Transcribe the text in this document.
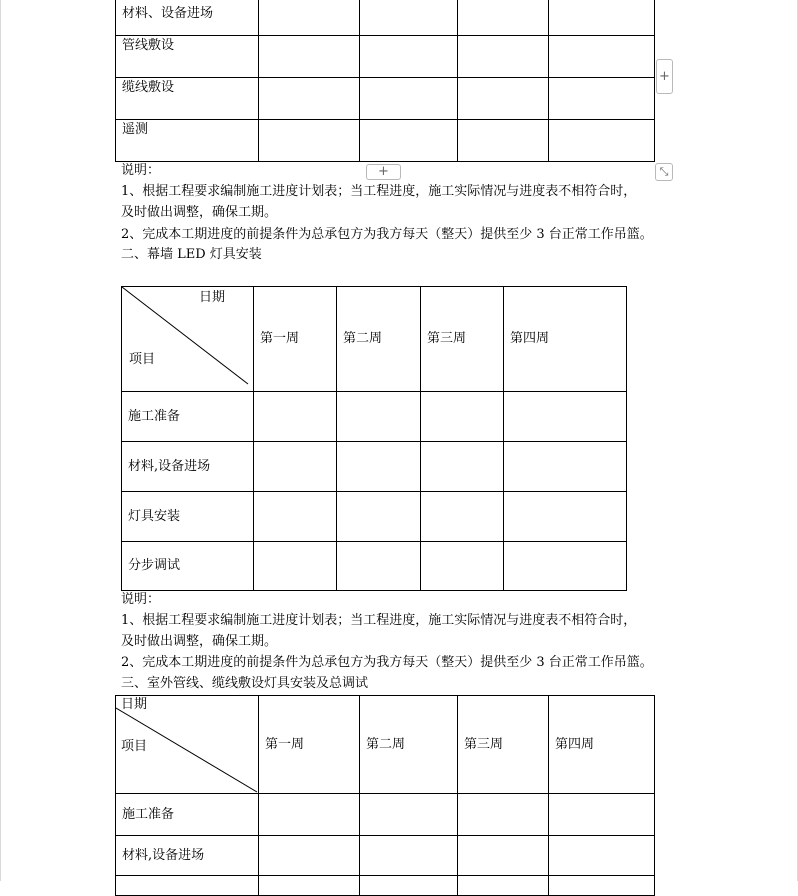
材料、设备进场				
管线敷设				
缆线敷设				
遥测				
+
+	⤡
说明：
1、根据工程要求编制施工进度计划表；当工程进度，施工实际情况与进度表不相符合时，
及时做出调整，确保工期。
2、完成本工期进度的前提条件为总承包方为我方每天（整天）提供至少 3 台正常工作吊篮。
二、幕墙 LED 灯具安装
日期
项目	第一周	第二周	第三周	第四周
施工准备				
材料,设备进场				
灯具安装				
分步调试				
说明：
1、根据工程要求编制施工进度计划表；当工程进度，施工实际情况与进度表不相符合时，
及时做出调整，确保工期。
2、完成本工期进度的前提条件为总承包方为我方每天（整天）提供至少 3 台正常工作吊篮。
三、室外管线、缆线敷设灯具安装及总调试
日期
项目	第一周	第二周	第三周	第四周
施工准备				
材料,设备进场				
